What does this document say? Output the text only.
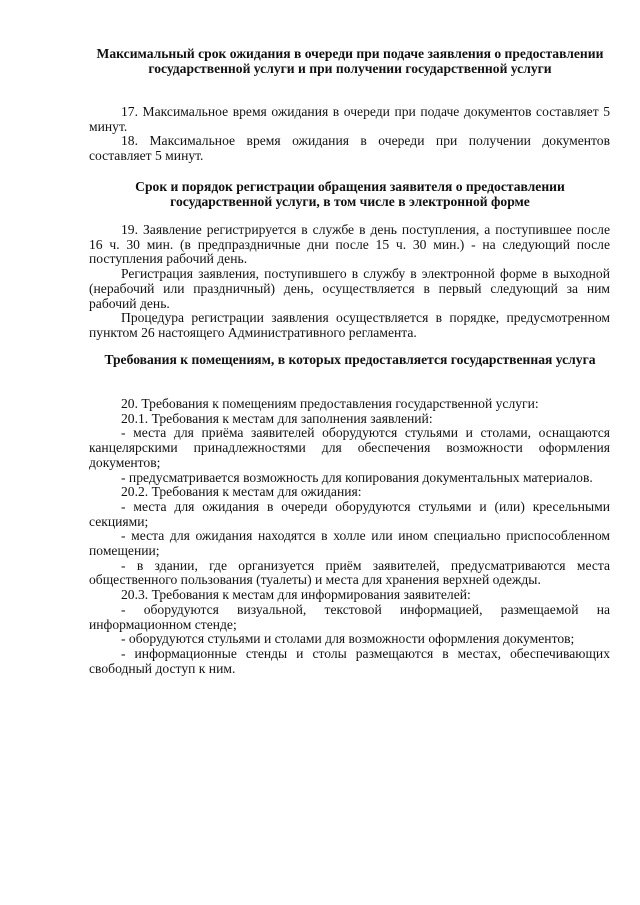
Максимальный срок ожидания в очереди при подаче заявления о предоставлении государственной услуги и при получении государственной услуги

17. Максимальное время ожидания в очереди при подаче документов составляет 5 минут.

18. Максимальное время ожидания в очереди при получении документов составляет 5 минут.

Срок и порядок регистрации обращения заявителя о предоставлении государственной услуги, в том числе в электронной форме

19. Заявление регистрируется в службе в день поступления, а поступившее после 16 ч. 30 мин. (в предпраздничные дни после 15 ч. 30 мин.) - на следующий после поступления рабочий день.

Регистрация заявления, поступившего в службу в электронной форме в выходной (нерабочий или праздничный) день, осуществляется в первый следующий за ним рабочий день.

Процедура регистрации заявления осуществляется в порядке, предусмотренном пунктом 26 настоящего Административного регламента.

Требования к помещениям, в которых предоставляется государственная услуга

20. Требования к помещениям предоставления государственной услуги:

20.1. Требования к местам для заполнения заявлений:

- места для приёма заявителей оборудуются стульями и столами, оснащаются канцелярскими принадлежностями для обеспечения возможности оформления документов;

- предусматривается возможность для копирования документальных материалов.

20.2. Требования к местам для ожидания:

- места для ожидания в очереди оборудуются стульями и (или) кресельными секциями;

- места для ожидания находятся в холле или ином специально приспособленном помещении;

- в здании, где организуется приём заявителей, предусматриваются места общественного пользования (туалеты) и места для хранения верхней одежды.

20.3. Требования к местам для информирования заявителей:

- оборудуются визуальной, текстовой информацией, размещаемой на информационном стенде;

- оборудуются стульями и столами для возможности оформления документов;

- информационные стенды и столы размещаются в местах, обеспечивающих свободный доступ к ним.
